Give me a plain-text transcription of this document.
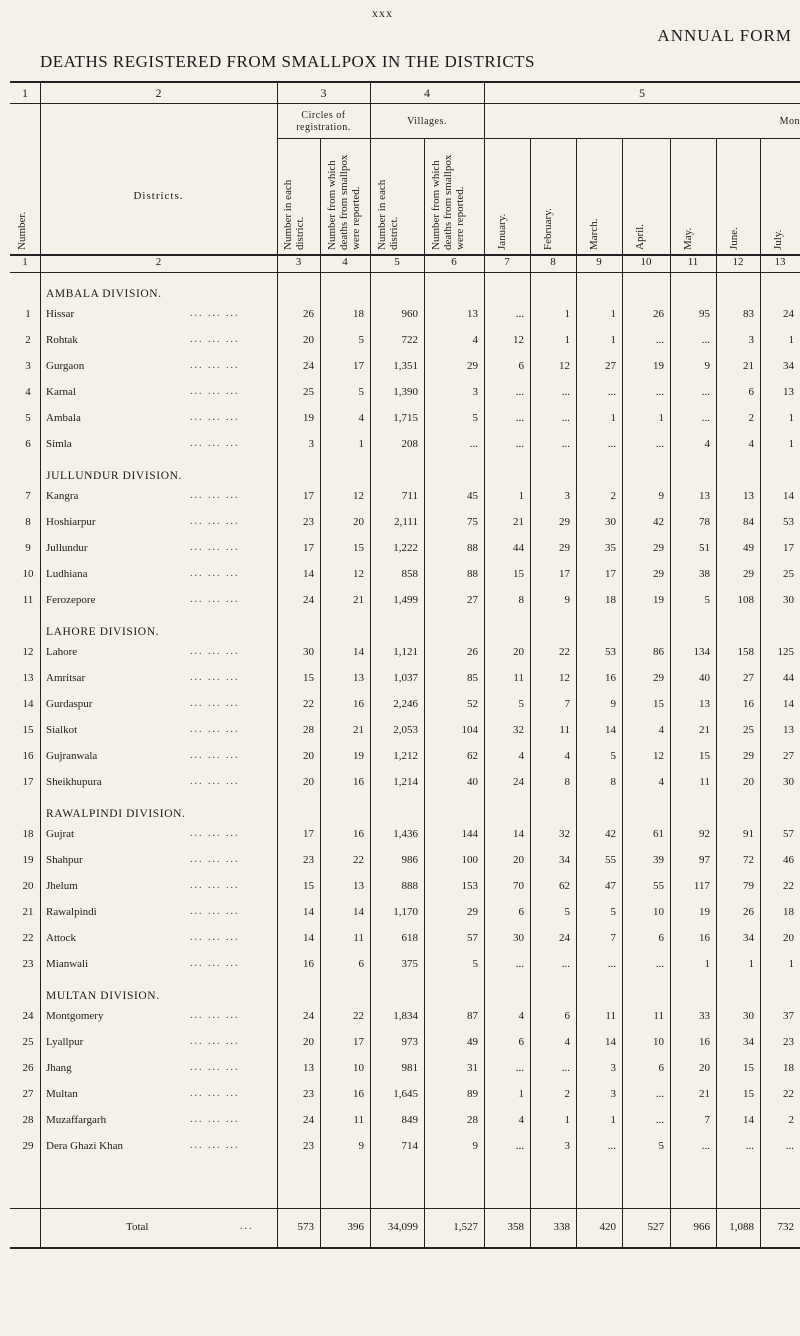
xxx
ANNUAL FORM
DEATHS REGISTERED FROM SMALLPOX IN THE DISTRICTS
1	2	3	4	5
Circles of registration.
Villages.	Mon
Number.
Districts.	Number in each district.	Number from which deaths from smallpox were reported.	Number in each district.	Number from which deaths from smallpox were reported.	January.	February.	March.	April.	May.	June.	July.
1	2	3	4	5	6	7	8	9	10	11	12	13
AMBALA DIVISION.
1	Hissar	... ... ...	26	18	960	13	...	1	1	26	95	83	24
2	Rohtak	... ... ...	20	5	722	4	12	1	1	...	...	3	1
3	Gurgaon	... ... ...	24	17	1,351	29	6	12	27	19	9	21	34
4	Karnal	... ... ...	25	5	1,390	3	...	...	...	...	...	6	13
5	Ambala	... ... ...	19	4	1,715	5	...	...	1	1	...	2	1
6	Simla	... ... ...	3	1	208	...	...	...	...	...	4	4	1
JULLUNDUR DIVISION.
7	Kangra	... ... ...	17	12	711	45	1	3	2	9	13	13	14
8	Hoshiarpur	... ... ...	23	20	2,111	75	21	29	30	42	78	84	53
9	Jullundur	... ... ...	17	15	1,222	88	44	29	35	29	51	49	17
10	Ludhiana	... ... ...	14	12	858	88	15	17	17	29	38	29	25
11	Ferozepore	... ... ...	24	21	1,499	27	8	9	18	19	5	108	30
LAHORE DIVISION.
12	Lahore	... ... ...	30	14	1,121	26	20	22	53	86	134	158	125
13	Amritsar	... ... ...	15	13	1,037	85	11	12	16	29	40	27	44
14	Gurdaspur	... ... ...	22	16	2,246	52	5	7	9	15	13	16	14
15	Sialkot	... ... ...	28	21	2,053	104	32	11	14	4	21	25	13
16	Gujranwala	... ... ...	20	19	1,212	62	4	4	5	12	15	29	27
17	Sheikhupura	... ... ...	20	16	1,214	40	24	8	8	4	11	20	30
RAWALPINDI DIVISION.
18	Gujrat	... ... ...	17	16	1,436	144	14	32	42	61	92	91	57
19	Shahpur	... ... ...	23	22	986	100	20	34	55	39	97	72	46
20	Jhelum	... ... ...	15	13	888	153	70	62	47	55	117	79	22
21	Rawalpindi	... ... ...	14	14	1,170	29	6	5	5	10	19	26	18
22	Attock	... ... ...	14	11	618	57	30	24	7	6	16	34	20
23	Mianwali	... ... ...	16	6	375	5	...	...	...	...	1	1	1
MULTAN DIVISION.
24	Montgomery	... ... ...	24	22	1,834	87	4	6	11	11	33	30	37
25	Lyallpur	... ... ...	20	17	973	49	6	4	14	10	16	34	23
26	Jhang	... ... ...	13	10	981	31	...	...	3	6	20	15	18
27	Multan	... ... ...	23	16	1,645	89	1	2	3	...	21	15	22
28	Muzaffargarh	... ... ...	24	11	849	28	4	1	1	...	7	14	2
29	Dera Ghazi Khan	... ... ...	23	9	714	9	...	3	...	5	...	...	...
Total	...	573	396	34,099	1,527	358	338	420	527	966	1,088	732
